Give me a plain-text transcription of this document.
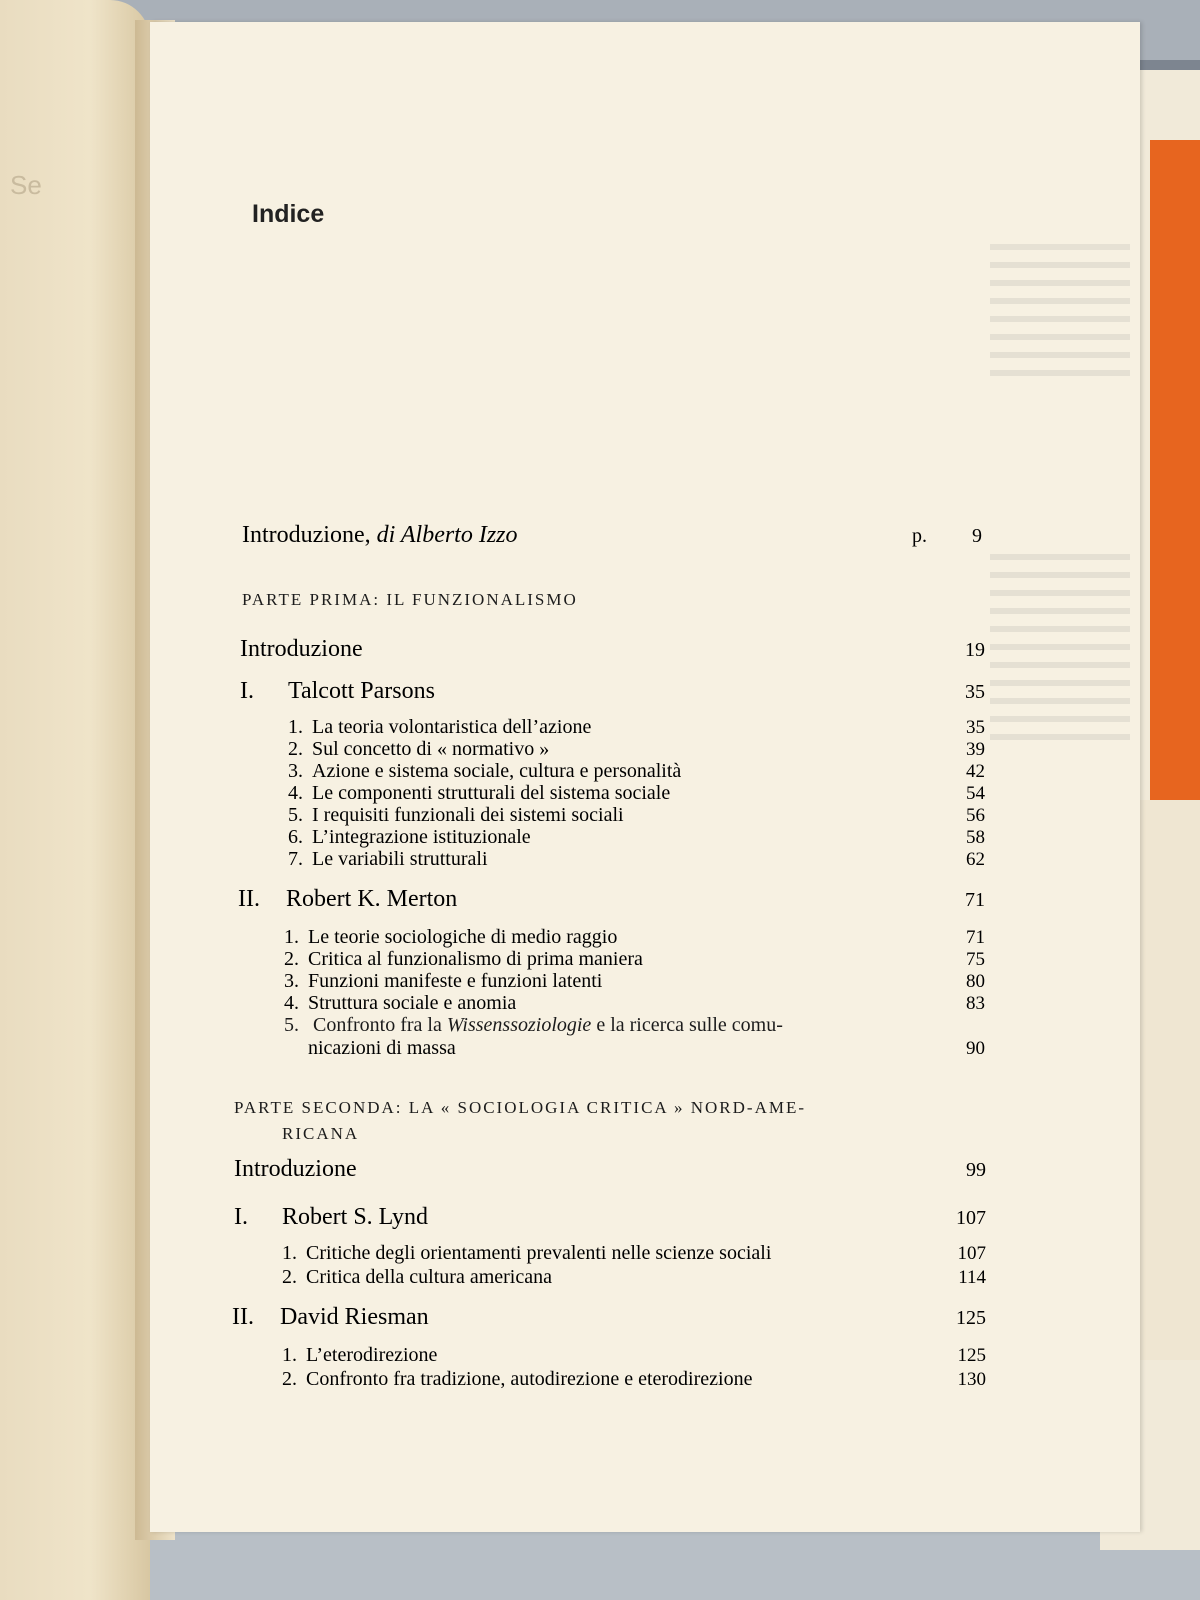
Indice
Introduzione, di Alberto Izzo	p. 9
PARTE PRIMA: IL FUNZIONALISMO
Introduzione	19
I. Talcott Parsons	35
1. La teoria volontaristica dell’azione	35
2. Sul concetto di « normativo »	39
3. Azione e sistema sociale, cultura e personalità	42
4. Le componenti strutturali del sistema sociale	54
5. I requisiti funzionali dei sistemi sociali	56
6. L’integrazione istituzionale	58
7. Le variabili strutturali	62
II. Robert K. Merton	71
1. Le teorie sociologiche di medio raggio	71
2. Critica al funzionalismo di prima maniera	75
3. Funzioni manifeste e funzioni latenti	80
4. Struttura sociale e anomia	83
5. Confronto fra la Wissenssoziologie e la ricerca sulle comu-
nicazioni di massa	90
PARTE SECONDA: LA « SOCIOLOGIA CRITICA » NORD-AME-
RICANA
Introduzione	99
I. Robert S. Lynd	107
1. Critiche degli orientamenti prevalenti nelle scienze sociali	107
2. Critica della cultura americana	114
II. David Riesman	125
1. L’eterodirezione	125
2. Confronto fra tradizione, autodirezione e eterodirezione	130
Se
